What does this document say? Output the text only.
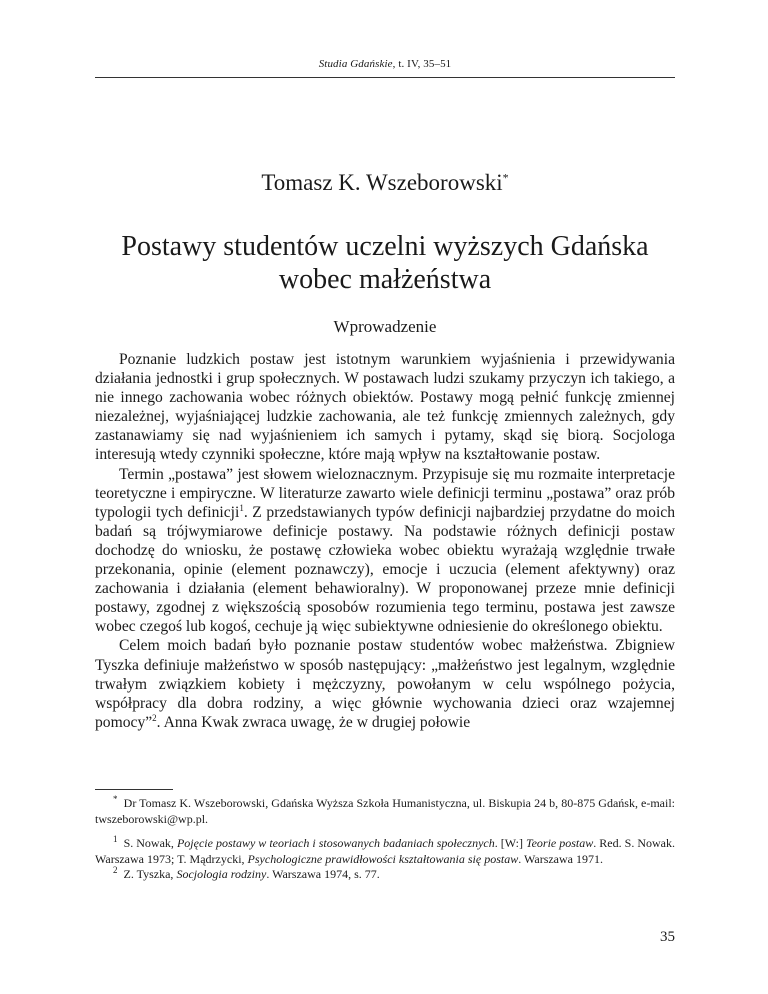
Studia Gdańskie, t. IV, 35–51
Tomasz K. Wszeborowski*
Postawy studentów uczelni wyższych Gdańska
wobec małżeństwa
Wprowadzenie

Poznanie ludzkich postaw jest istotnym warunkiem wyjaśnienia i przewidywania działania jednostki i grup społecznych. W postawach ludzi szukamy przyczyn ich takiego, a nie innego zachowania wobec różnych obiektów. Postawy mogą pełnić funkcję zmiennej niezależnej, wyjaśniającej ludzkie zachowania, ale też funkcję zmiennych zależnych, gdy zastanawiamy się nad wyjaśnieniem ich samych i pytamy, skąd się biorą. Socjologa interesują wtedy czynniki społeczne, które mają wpływ na kształtowanie postaw.

Termin „postawa” jest słowem wieloznacznym. Przypisuje się mu rozmaite interpretacje teoretyczne i empiryczne. W literaturze zawarto wiele definicji terminu „postawa” oraz prób typologii tych definicji$^1$. Z przedstawianych typów definicji najbardziej przydatne do moich badań są trójwymiarowe definicje postawy. Na podstawie różnych definicji postaw dochodzę do wniosku, że postawę człowieka wobec obiektu wyrażają względnie trwałe przekonania, opinie (element poznawczy), emocje i uczucia (element afektywny) oraz zachowania i działania (element behawioralny). W proponowanej przeze mnie definicji postawy, zgodnej z większością sposobów rozumienia tego terminu, postawa jest zawsze wobec czegoś lub kogoś, cechuje ją więc subiektywne odniesienie do określonego obiektu.

Celem moich badań było poznanie postaw studentów wobec małżeństwa. Zbigniew Tyszka definiuje małżeństwo w sposób następujący: „małżeństwo jest legalnym, względnie trwałym związkiem kobiety i mężczyzny, powołanym w celu wspólnego pożycia, współpracy dla dobra rodziny, a więc głównie wychowania dzieci oraz wzajemnej pomocy”$^2$. Anna Kwak zwraca uwagę, że w drugiej połowie

* Dr Tomasz K. Wszeborowski, Gdańska Wyższa Szkoła Humanistyczna, ul. Biskupia 24 b, 80-875 Gdańsk, e-mail: twszeborowski@wp.pl.

$^1$ S. Nowak, Pojęcie postawy w teoriach i stosowanych badaniach społecznych. [W:] Teorie postaw. Red. S. Nowak. Warszawa 1973; T. Mądrzycki, Psychologiczne prawidłowości kształtowania się postaw. Warszawa 1971.

$^2$ Z. Tyszka, Socjologia rodziny. Warszawa 1974, s. 77.

35
